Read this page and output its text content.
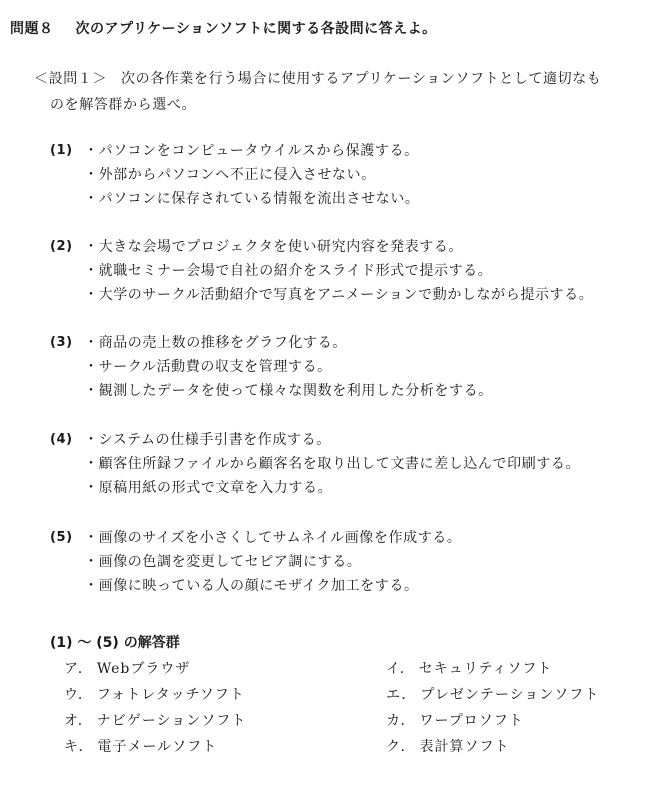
問題８ 次のアプリケーションソフトに関する各設問に答えよ。
＜設問１＞ 次の各作業を行う場合に使用するアプリケーションソフトとして適切なも
のを解答群から選べ。
(1) ・パソコンをコンピュータウイルスから保護する。
・外部からパソコンへ不正に侵入させない。
・パソコンに保存されている情報を流出させない。
(2) ・大きな会場でプロジェクタを使い研究内容を発表する。
・就職セミナー会場で自社の紹介をスライド形式で提示する。
・大学のサークル活動紹介で写真をアニメーションで動かしながら提示する。
(3) ・商品の売上数の推移をグラフ化する。
・サークル活動費の収支を管理する。
・観測したデータを使って様々な関数を利用した分析をする。
(4) ・システムの仕様手引書を作成する。
・顧客住所録ファイルから顧客名を取り出して文書に差し込んで印刷する。
・原稿用紙の形式で文章を入力する。
(5) ・画像のサイズを小さくしてサムネイル画像を作成する。
・画像の色調を変更してセピア調にする。
・画像に映っている人の顔にモザイク加工をする。
(1) ～ (5) の解答群
ア． Webブラウザ	イ． セキュリティソフト
ウ． フォトレタッチソフト	エ． プレゼンテーションソフト
オ． ナビゲーションソフト	カ． ワープロソフト
キ． 電子メールソフト	ク． 表計算ソフト
